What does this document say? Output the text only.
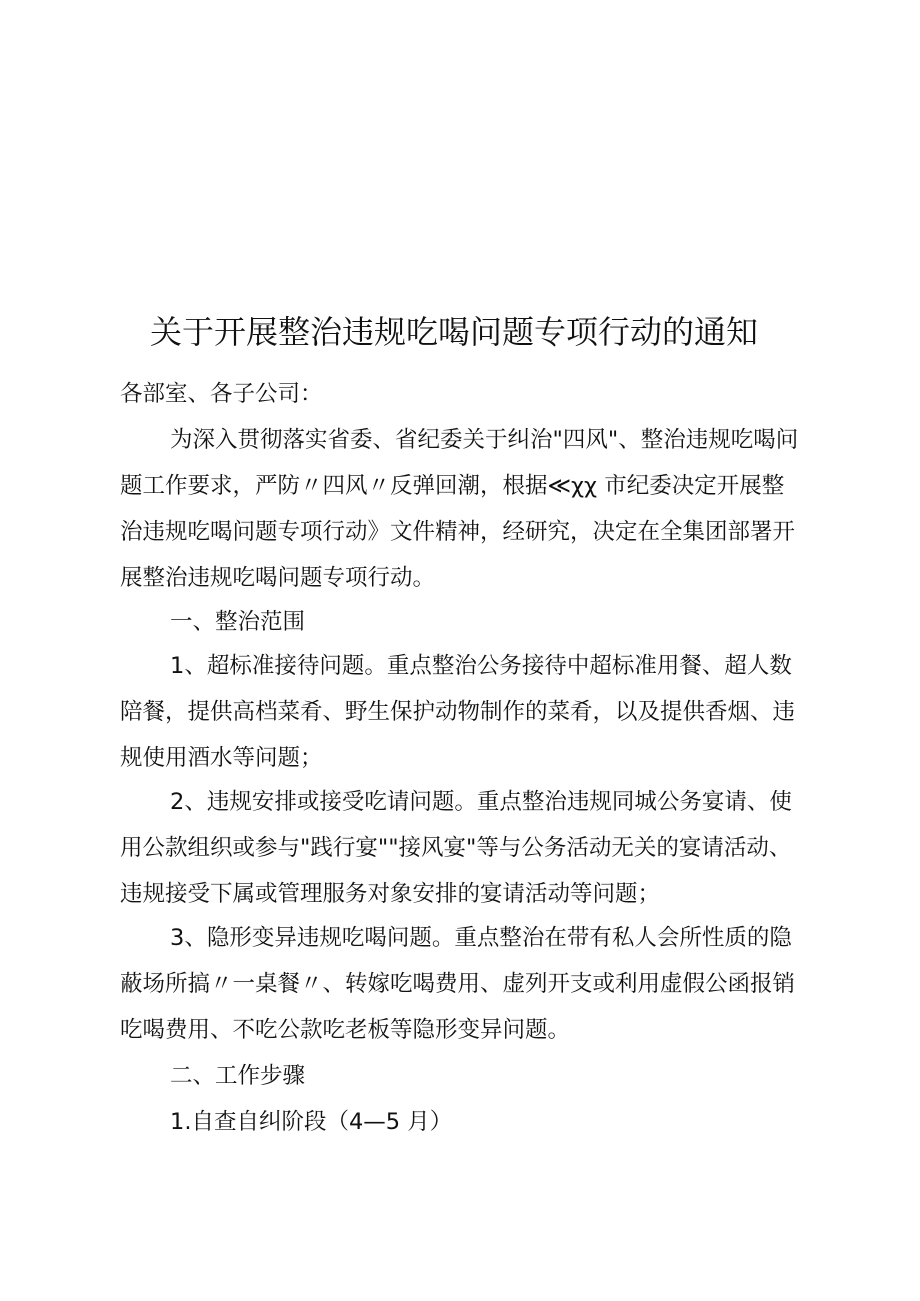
关于开展整治违规吃喝问题专项行动的通知

各部室、各子公司：

为深入贯彻落实省委、省纪委关于纠治"四风"、整治违规吃喝问

题工作要求，严防〃四风〃反弹回潮，根据≪χχ 市纪委决定开展整

治违规吃喝问题专项行动》文件精神，经研究，决定在全集团部署开

展整治违规吃喝问题专项行动。

一、整治范围

1、超标准接待问题。重点整治公务接待中超标准用餐、超人数

陪餐，提供高档菜肴、野生保护动物制作的菜肴，以及提供香烟、违

规使用酒水等问题；

2、违规安排或接受吃请问题。重点整治违规同城公务宴请、使

用公款组织或参与"践行宴""接风宴"等与公务活动无关的宴请活动、

违规接受下属或管理服务对象安排的宴请活动等问题；

3、隐形变异违规吃喝问题。重点整治在带有私人会所性质的隐

蔽场所搞〃一桌餐〃、转嫁吃喝费用、虚列开支或利用虚假公函报销

吃喝费用、不吃公款吃老板等隐形变异问题。

二、工作步骤

1.自查自纠阶段（4—5 月）
